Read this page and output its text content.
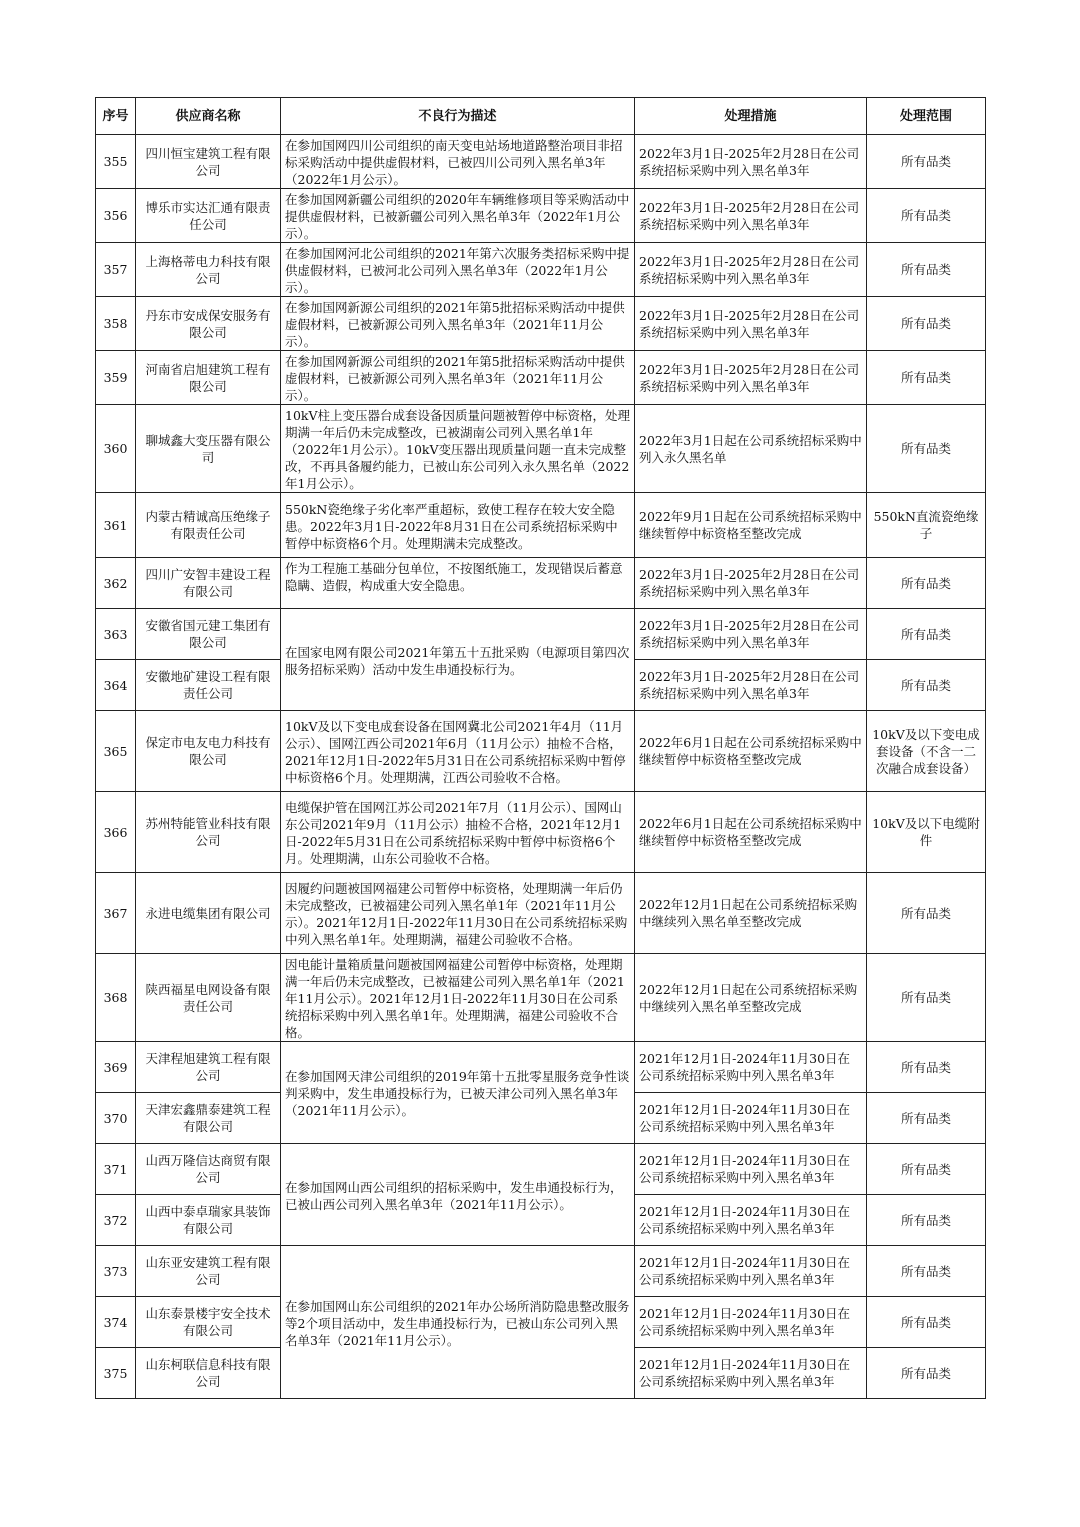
序号	供应商名称	不良行为描述	处理措施	处理范围
355	四川恒宝建筑工程有限公司	在参加国网四川公司组织的南天变电站场地道路整治项目非招标采购活动中提供虚假材料，已被四川公司列入黑名单3年（2022年1月公示）。	2022年3月1日-2025年2月28日在公司系统招标采购中列入黑名单3年	所有品类
356	博乐市实达汇通有限责任公司	在参加国网新疆公司组织的2020年车辆维修项目等采购活动中提供虚假材料，已被新疆公司列入黑名单3年（2022年1月公示）。	2022年3月1日-2025年2月28日在公司系统招标采购中列入黑名单3年	所有品类
357	上海格蒂电力科技有限公司	在参加国网河北公司组织的2021年第六次服务类招标采购中提供虚假材料，已被河北公司列入黑名单3年（2022年1月公示）。	2022年3月1日-2025年2月28日在公司系统招标采购中列入黑名单3年	所有品类
358	丹东市安成保安服务有限公司	在参加国网新源公司组织的2021年第5批招标采购活动中提供虚假材料，已被新源公司列入黑名单3年（2021年11月公示）。	2022年3月1日-2025年2月28日在公司系统招标采购中列入黑名单3年	所有品类
359	河南省启旭建筑工程有限公司	在参加国网新源公司组织的2021年第5批招标采购活动中提供虚假材料，已被新源公司列入黑名单3年（2021年11月公示）。	2022年3月1日-2025年2月28日在公司系统招标采购中列入黑名单3年	所有品类
360	聊城鑫大变压器有限公司	10kV柱上变压器台成套设备因质量问题被暂停中标资格，处理期满一年后仍未完成整改，已被湖南公司列入黑名单1年（2022年1月公示）。10kV变压器出现质量问题一直未完成整改，不再具备履约能力，已被山东公司列入永久黑名单（2022年1月公示）。	2022年3月1日起在公司系统招标采购中列入永久黑名单	所有品类
361	内蒙古精诚高压绝缘子有限责任公司	550kN瓷绝缘子劣化率严重超标，致使工程存在较大安全隐患。2022年3月1日-2022年8月31日在公司系统招标采购中暂停中标资格6个月。处理期满未完成整改。	2022年9月1日起在公司系统招标采购中继续暂停中标资格至整改完成	550kN直流瓷绝缘子
362	四川广安智丰建设工程有限公司	作为工程施工基础分包单位，不按图纸施工，发现错误后蓄意隐瞒、造假，构成重大安全隐患。	2022年3月1日-2025年2月28日在公司系统招标采购中列入黑名单3年	所有品类
363	安徽省国元建工集团有限公司	在国家电网有限公司2021年第五十五批采购（电源项目第四次服务招标采购）活动中发生串通投标行为。	2022年3月1日-2025年2月28日在公司系统招标采购中列入黑名单3年	所有品类
364	安徽地矿建设工程有限责任公司		2022年3月1日-2025年2月28日在公司系统招标采购中列入黑名单3年	所有品类
365	保定市电友电力科技有限公司	10kV及以下变电成套设备在国网冀北公司2021年4月（11月公示）、国网江西公司2021年6月（11月公示）抽检不合格，2021年12月1日-2022年5月31日在公司系统招标采购中暂停中标资格6个月。处理期满，江西公司验收不合格。	2022年6月1日起在公司系统招标采购中继续暂停中标资格至整改完成	10kV及以下变电成套设备（不含一二次融合成套设备）
366	苏州特能管业科技有限公司	电缆保护管在国网江苏公司2021年7月（11月公示）、国网山东公司2021年9月（11月公示）抽检不合格，2021年12月1日-2022年5月31日在公司系统招标采购中暂停中标资格6个月。处理期满，山东公司验收不合格。	2022年6月1日起在公司系统招标采购中继续暂停中标资格至整改完成	10kV及以下电缆附件
367	永进电缆集团有限公司	因履约问题被国网福建公司暂停中标资格，处理期满一年后仍未完成整改，已被福建公司列入黑名单1年（2021年11月公示）。2021年12月1日-2022年11月30日在公司系统招标采购中列入黑名单1年。处理期满，福建公司验收不合格。	2022年12月1日起在公司系统招标采购中继续列入黑名单至整改完成	所有品类
368	陕西福星电网设备有限责任公司	因电能计量箱质量问题被国网福建公司暂停中标资格，处理期满一年后仍未完成整改，已被福建公司列入黑名单1年（2021年11月公示）。2021年12月1日-2022年11月30日在公司系统招标采购中列入黑名单1年。处理期满，福建公司验收不合格。	2022年12月1日起在公司系统招标采购中继续列入黑名单至整改完成	所有品类
369	天津程旭建筑工程有限公司	在参加国网天津公司组织的2019年第十五批零星服务竞争性谈判采购中，发生串通投标行为，已被天津公司列入黑名单3年（2021年11月公示）。	2021年12月1日-2024年11月30日在公司系统招标采购中列入黑名单3年	所有品类
370	天津宏鑫鼎泰建筑工程有限公司		2021年12月1日-2024年11月30日在公司系统招标采购中列入黑名单3年	所有品类
371	山西万隆信达商贸有限公司	在参加国网山西公司组织的招标采购中，发生串通投标行为，已被山西公司列入黑名单3年（2021年11月公示）。	2021年12月1日-2024年11月30日在公司系统招标采购中列入黑名单3年	所有品类
372	山西中泰卓瑞家具装饰有限公司		2021年12月1日-2024年11月30日在公司系统招标采购中列入黑名单3年	所有品类
373	山东亚安建筑工程有限公司	在参加国网山东公司组织的2021年办公场所消防隐患整改服务等2个项目活动中，发生串通投标行为，已被山东公司列入黑名单3年（2021年11月公示）。	2021年12月1日-2024年11月30日在公司系统招标采购中列入黑名单3年	所有品类
374	山东泰景楼宇安全技术有限公司		2021年12月1日-2024年11月30日在公司系统招标采购中列入黑名单3年	所有品类
375	山东柯联信息科技有限公司		2021年12月1日-2024年11月30日在公司系统招标采购中列入黑名单3年	所有品类
